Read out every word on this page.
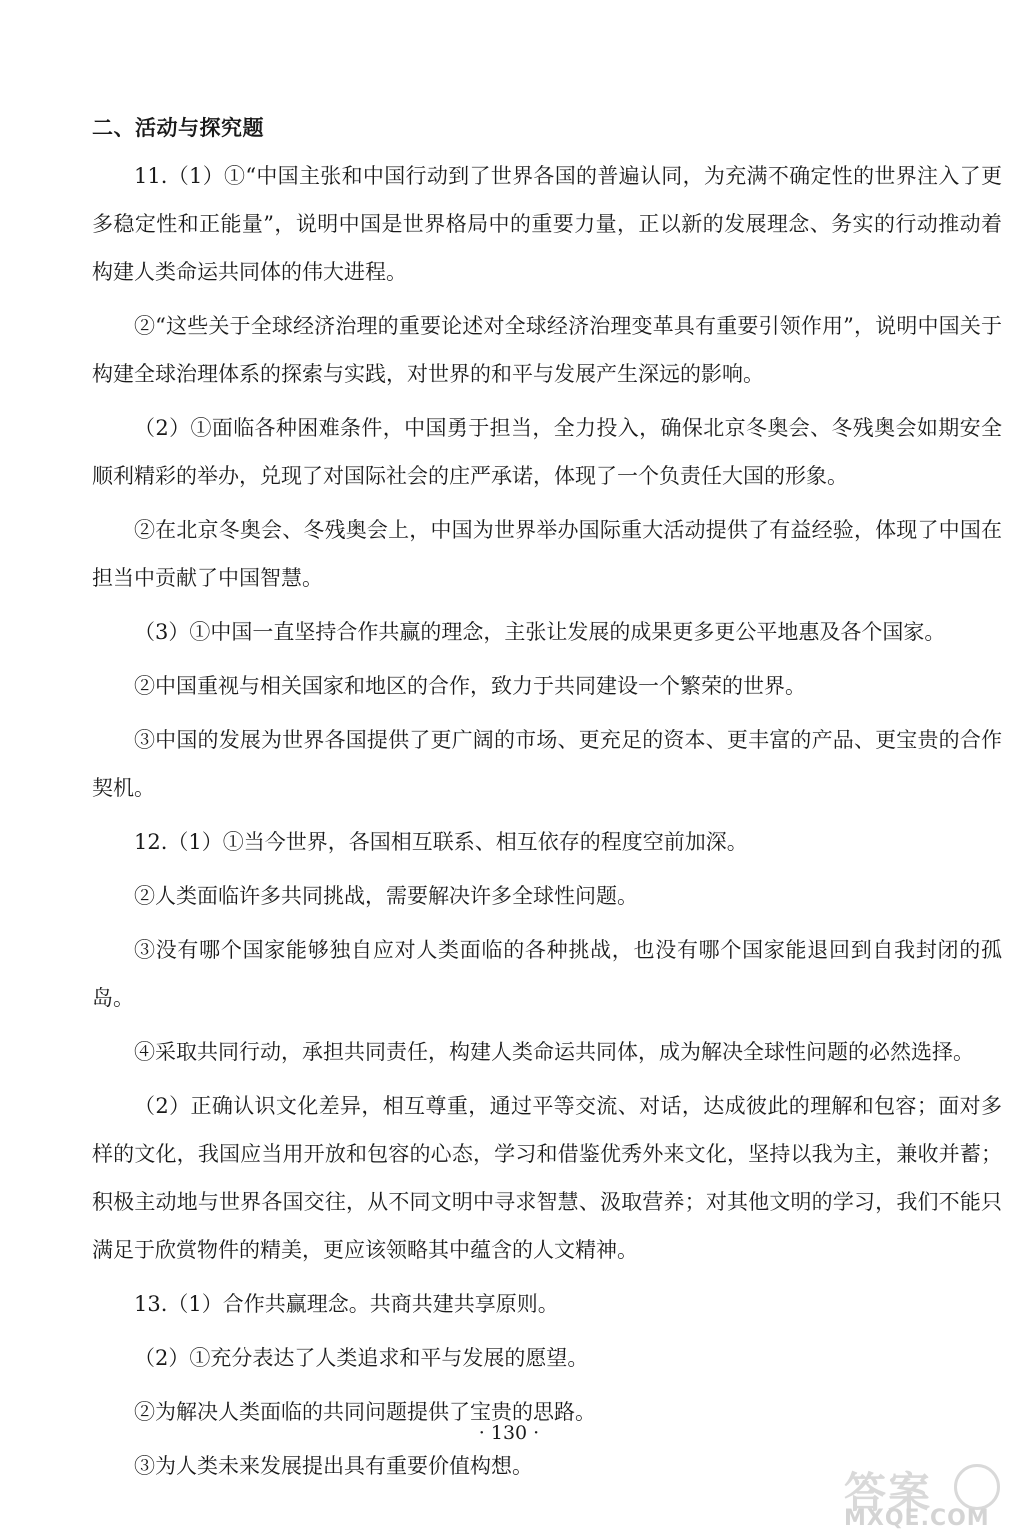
二、活动与探究题

11.（1）①“中国主张和中国行动到了世界各国的普遍认同，为充满不确定性的世界注入了更多稳定性和正能量”，说明中国是世界格局中的重要力量，正以新的发展理念、务实的行动推动着构建人类命运共同体的伟大进程。

②“这些关于全球经济治理的重要论述对全球经济治理变革具有重要引领作用”，说明中国关于构建全球治理体系的探索与实践，对世界的和平与发展产生深远的影响。

（2）①面临各种困难条件，中国勇于担当，全力投入，确保北京冬奥会、冬残奥会如期安全顺利精彩的举办，兑现了对国际社会的庄严承诺，体现了一个负责任大国的形象。

②在北京冬奥会、冬残奥会上，中国为世界举办国际重大活动提供了有益经验，体现了中国在担当中贡献了中国智慧。

（3）①中国一直坚持合作共赢的理念，主张让发展的成果更多更公平地惠及各个国家。

②中国重视与相关国家和地区的合作，致力于共同建设一个繁荣的世界。

③中国的发展为世界各国提供了更广阔的市场、更充足的资本、更丰富的产品、更宝贵的合作契机。

12.（1）①当今世界，各国相互联系、相互依存的程度空前加深。

②人类面临许多共同挑战，需要解决许多全球性问题。

③没有哪个国家能够独自应对人类面临的各种挑战，也没有哪个国家能退回到自我封闭的孤岛。

④采取共同行动，承担共同责任，构建人类命运共同体，成为解决全球性问题的必然选择。

（2）正确认识文化差异，相互尊重，通过平等交流、对话，达成彼此的理解和包容；面对多样的文化，我国应当用开放和包容的心态，学习和借鉴优秀外来文化，坚持以我为主，兼收并蓄；积极主动地与世界各国交往，从不同文明中寻求智慧、汲取营养；对其他文明的学习，我们不能只满足于欣赏物件的精美，更应该领略其中蕴含的人文精神。

13.（1）合作共赢理念。共商共建共享原则。

（2）①充分表达了人类追求和平与发展的愿望。

②为解决人类面临的共同问题提供了宝贵的思路。

③为人类未来发展提出具有重要价值构想。

· 130 ·
答案
MXQE.COM
